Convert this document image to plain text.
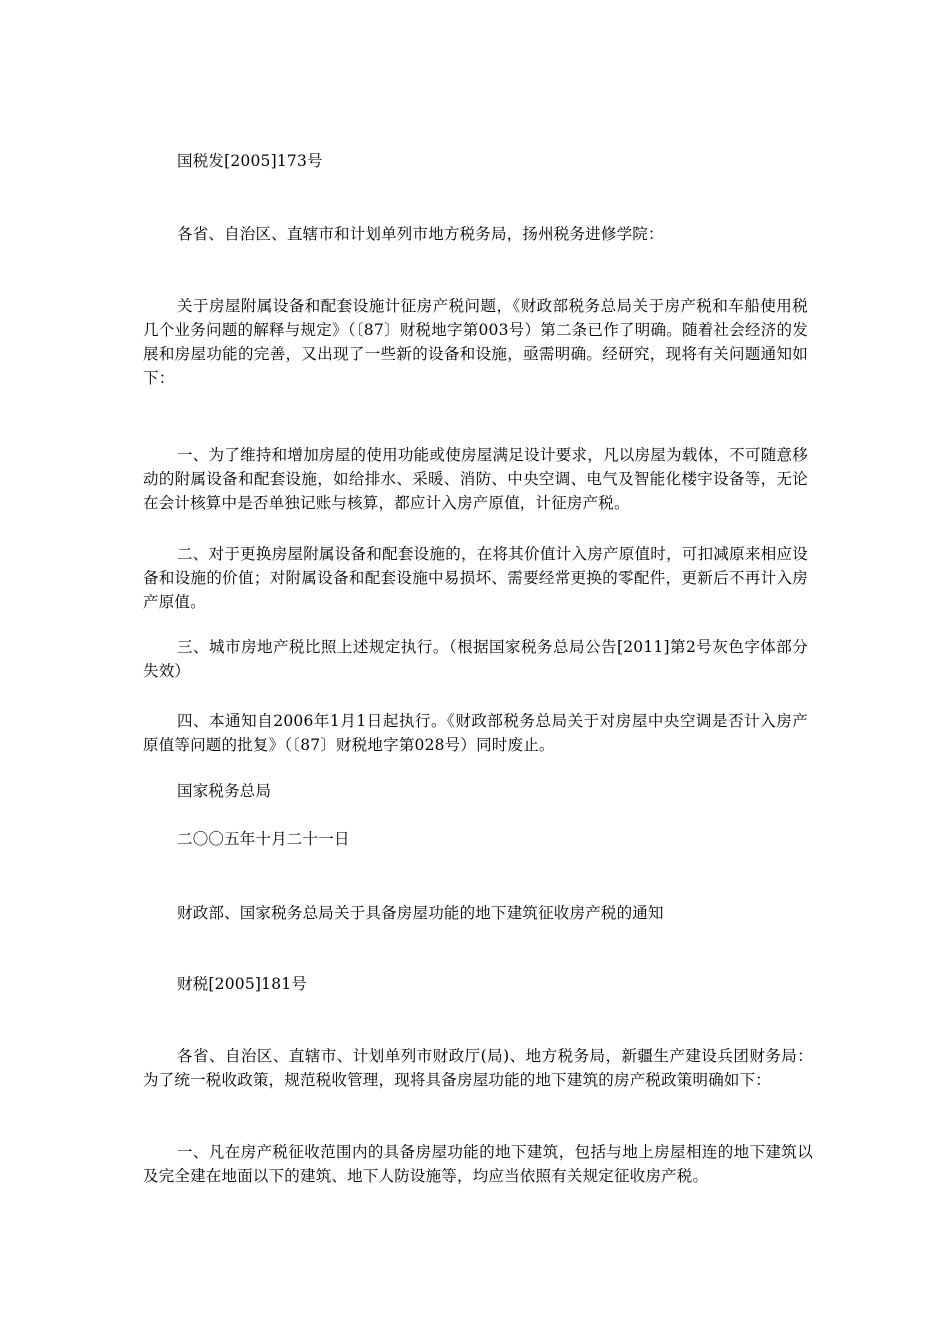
国税发[2005]173号
各省、自治区、直辖市和计划单列市地方税务局，扬州税务进修学院：
关于房屋附属设备和配套设施计征房产税问题，《财政部税务总局关于房产税和车船使用税几个业务问题的解释与规定》（〔87〕财税地字第003号）第二条已作了明确。随着社会经济的发展和房屋功能的完善，又出现了一些新的设备和设施，亟需明确。经研究，现将有关问题通知如下：
一、为了维持和增加房屋的使用功能或使房屋满足设计要求，凡以房屋为载体，不可随意移动的附属设备和配套设施，如给排水、采暖、消防、中央空调、电气及智能化楼宇设备等，无论在会计核算中是否单独记账与核算，都应计入房产原值，计征房产税。
二、对于更换房屋附属设备和配套设施的，在将其价值计入房产原值时，可扣减原来相应设备和设施的价值；对附属设备和配套设施中易损坏、需要经常更换的零配件，更新后不再计入房产原值。
三、城市房地产税比照上述规定执行。（根据国家税务总局公告[2011]第2号灰色字体部分失效）
四、本通知自2006年1月1日起执行。《财政部税务总局关于对房屋中央空调是否计入房产原值等问题的批复》（〔87〕财税地字第028号）同时废止。
国家税务总局
二〇〇五年十月二十一日
财政部、国家税务总局关于具备房屋功能的地下建筑征收房产税的通知
财税[2005]181号
各省、自治区、直辖市、计划单列市财政厅(局)、地方税务局，新疆生产建设兵团财务局：为了统一税收政策，规范税收管理，现将具备房屋功能的地下建筑的房产税政策明确如下：
一、凡在房产税征收范围内的具备房屋功能的地下建筑，包括与地上房屋相连的地下建筑以及完全建在地面以下的建筑、地下人防设施等，均应当依照有关规定征收房产税。
